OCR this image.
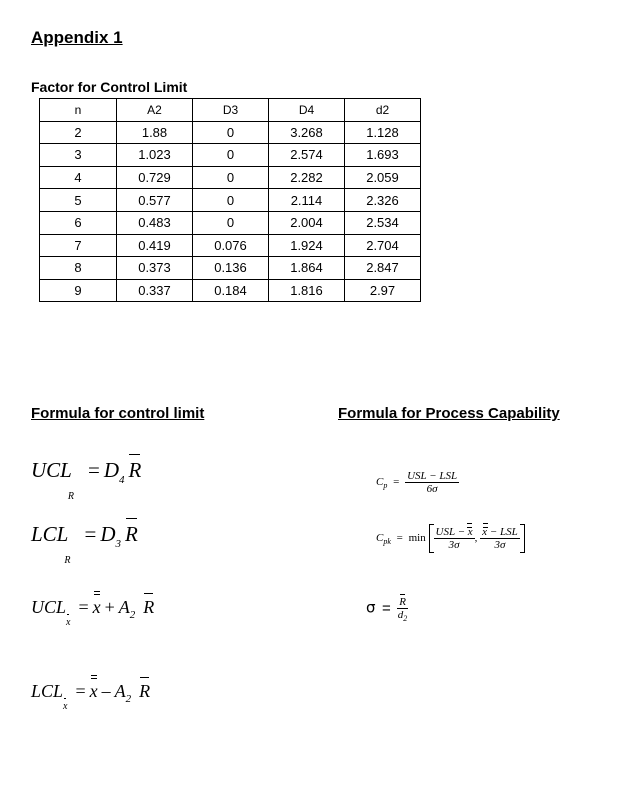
Appendix 1
Factor for Control Limit
n	A2	D3	D4	d2
2	1.88	0	3.268	1.128
3	1.023	0	2.574	1.693
4	0.729	0	2.282	2.059
5	0.577	0	2.114	2.326
6	0.483	0	2.004	2.534
7	0.419	0.076	1.924	2.704
8	0.373	0.136	1.864	2.847
9	0.337	0.184	1.816	2.97
Formula for control limit	Formula for Process Capability
UCL $_R = D_4$ R
LCL $_R = D_3$ R
UCL
$x = x + A_2$ R
LCL
$x = x - A_2$ R
$C_p = \frac{\text{USL − LSL}}{6\sigma}$
$C_{pk} = \min \frac{\text{USL − x}}{3\sigma}$ , $\frac{\text{x − LSL}}{3\sigma}$
$\sigma = \frac{R}{d_2}$
